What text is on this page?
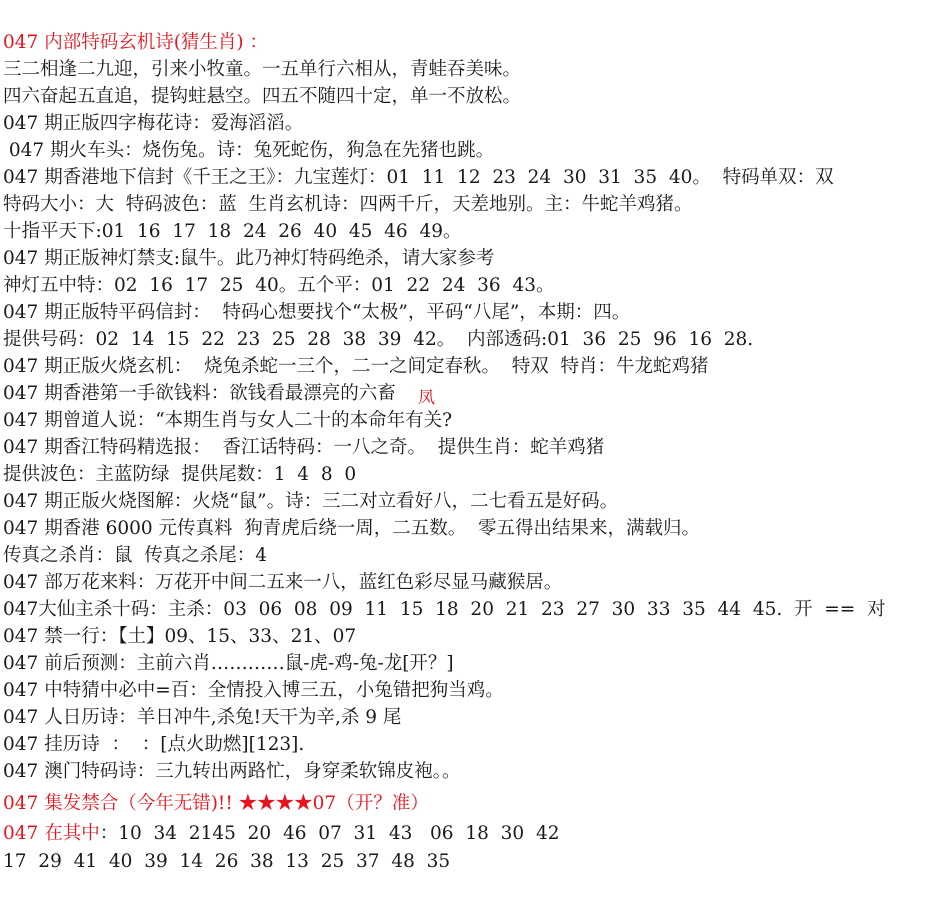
047 内部特码玄机诗(猜生肖) ：
三二相逢二九迎，引来小牧童。一五单行六相从，青蛙吞美味。
四六奋起五直追，提钩蛀悬空。四五不随四十定，单一不放松。
047 期正版四字梅花诗：爱海滔滔。
047 期火车头：烧伤兔。诗：兔死蛇伤，狗急在先猪也跳。
047 期香港地下信封《千王之王》：九宝莲灯：01  11  12  23  24  30  31  35  40。  特码单双：双
特码大小：大  特码波色：蓝  生肖玄机诗：四两千斤，天差地别。主：牛蛇羊鸡猪。
十指平天下:01  16  17  18  24  26  40  45  46  49。
047 期正版神灯禁支:鼠牛。此乃神灯特码绝杀，请大家参考
神灯五中特：02  16  17  25  40。五个平：01  22  24  36  43。
047 期正版特平码信封：  特码心想要找个“太极”，平码“八尾”，本期：四。
提供号码：02  14  15  22  23  25  28  38  39  42。  内部透码:01  36  25  96  16  28.
047 期正版火烧玄机：  烧兔杀蛇一三个，二一之间定春秋。  特双  特肖：牛龙蛇鸡猪
047 期香港第一手欲钱料：欲钱看最漂亮的六畜
047 期曾道人说：“本期生肖与女人二十的本命年有关?
047 期香江特码精选报：  香江话特码：一八之奇。  提供生肖：蛇羊鸡猪
提供波色：主蓝防绿  提供尾数：1  4  8  0
047 期正版火烧图解：火烧“鼠”。诗：三二对立看好八，二七看五是好码。
047 期香港 6000 元传真料  狗青虎后绕一周，二五数。  零五得出结果来，满载归。
传真之杀肖：鼠  传真之杀尾：4
047 部万花来料：万花开中间二五来一八，蓝红色彩尽显马藏猴居。
047大仙主杀十码：主杀：03  06  08  09  11  15  18  20  21  23  27  30  33  35  44  45.  开  ==  对
047 禁一行：【土】09、15、33、21、07
047 前后预测：主前六肖…………鼠-虎-鸡-兔-龙[开？]
047 中特猜中必中=百：全情投入博三五，小兔错把狗当鸡。
047 人日历诗：羊日冲牛,杀兔!天干为辛,杀 9 尾
047 挂历诗  ：  ：[点火助燃][123].
047 澳门特码诗：三九转出两路忙，身穿柔软锦皮袍。。
047 集发禁合（今年无错)!! ★★★★07（开？准）
047 在其中：10  34  2145  20  46  07  31  43   06  18  30  42
17  29  41  40  39  14  26  38  13  25  37  48  35
凤
